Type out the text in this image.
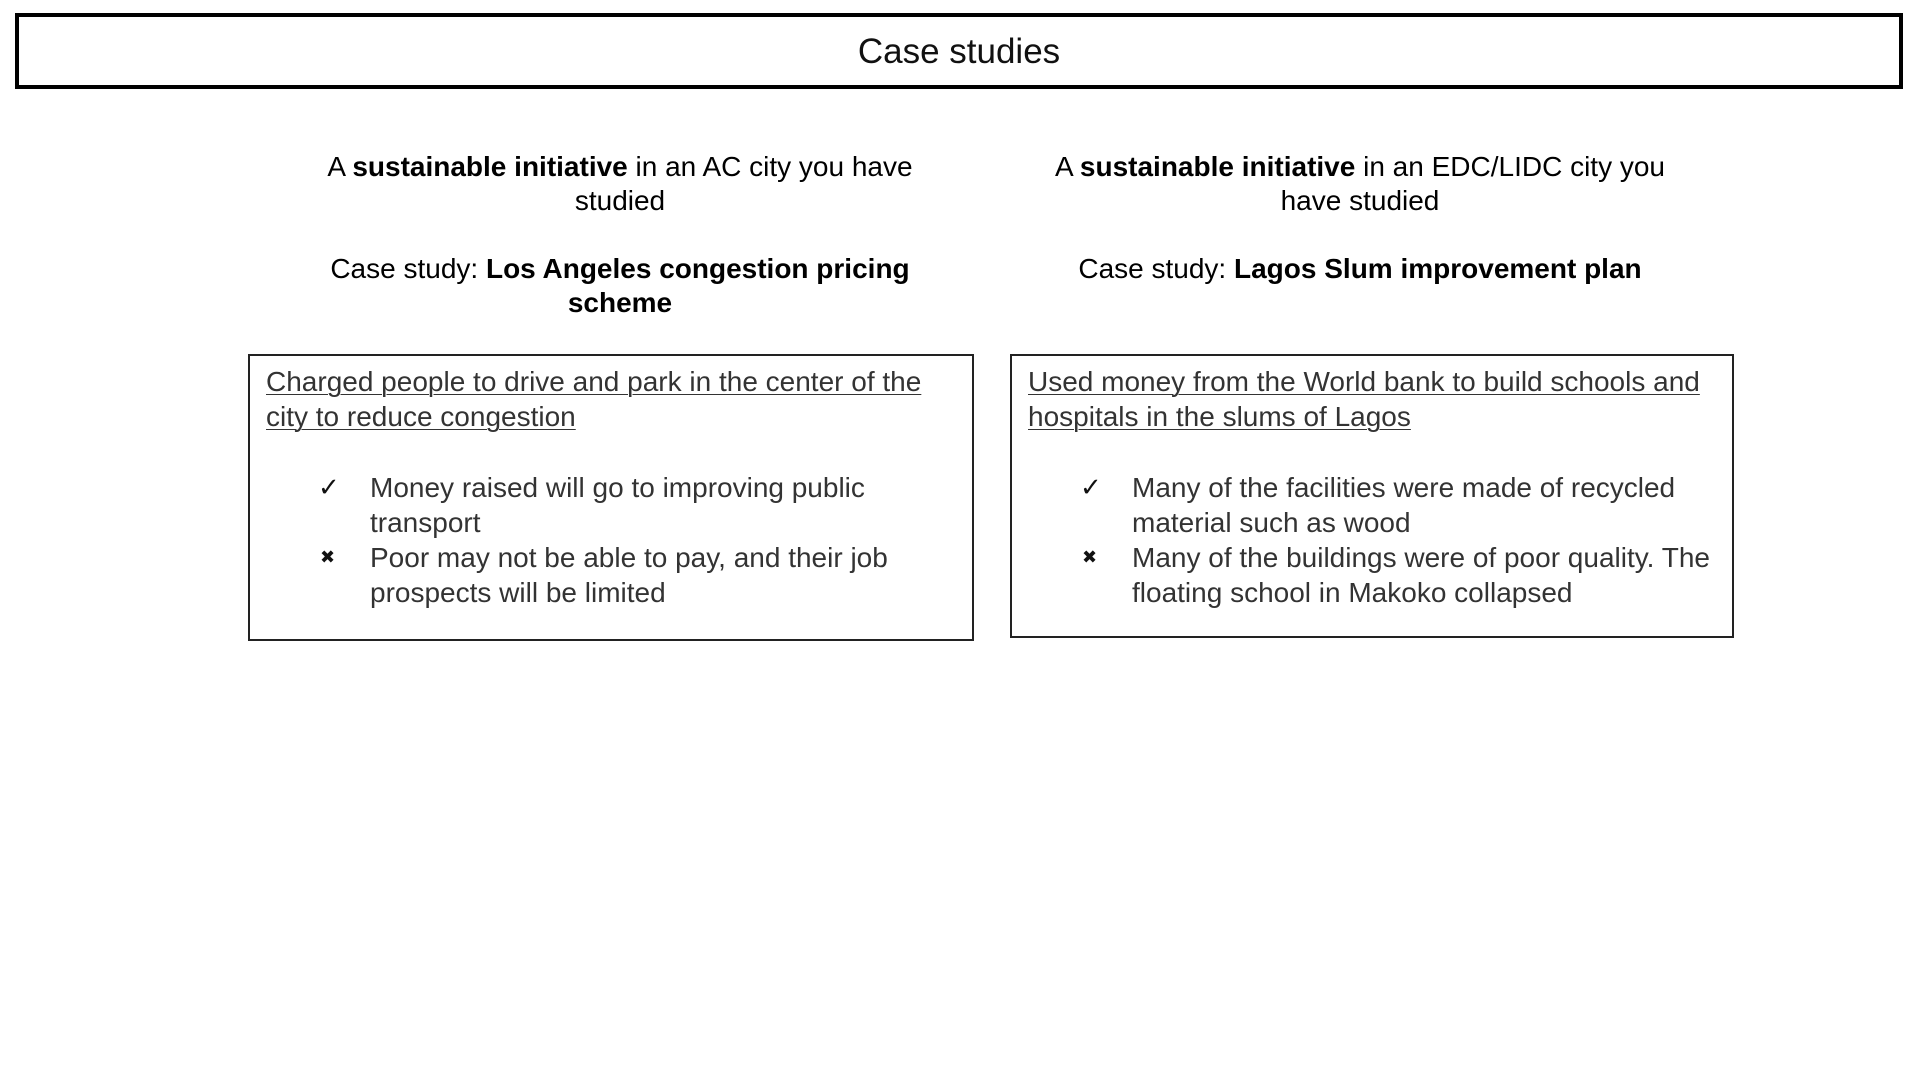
Case studies
A sustainable initiative in an AC city you have studied
Case study: Los Angeles congestion pricing scheme

Charged people to drive and park in the center of the city to reduce congestion

✓	Money raised will go to improving public transport
✖	Poor may not be able to pay, and their job prospects will be limited
A sustainable initiative in an EDC/LIDC city you have studied
Case study: Lagos Slum improvement plan

Used money from the World bank to build schools and hospitals in the slums of Lagos

✓	Many of the facilities were made of recycled material such as wood
✖	Many of the buildings were of poor quality. The floating school in Makoko collapsed
